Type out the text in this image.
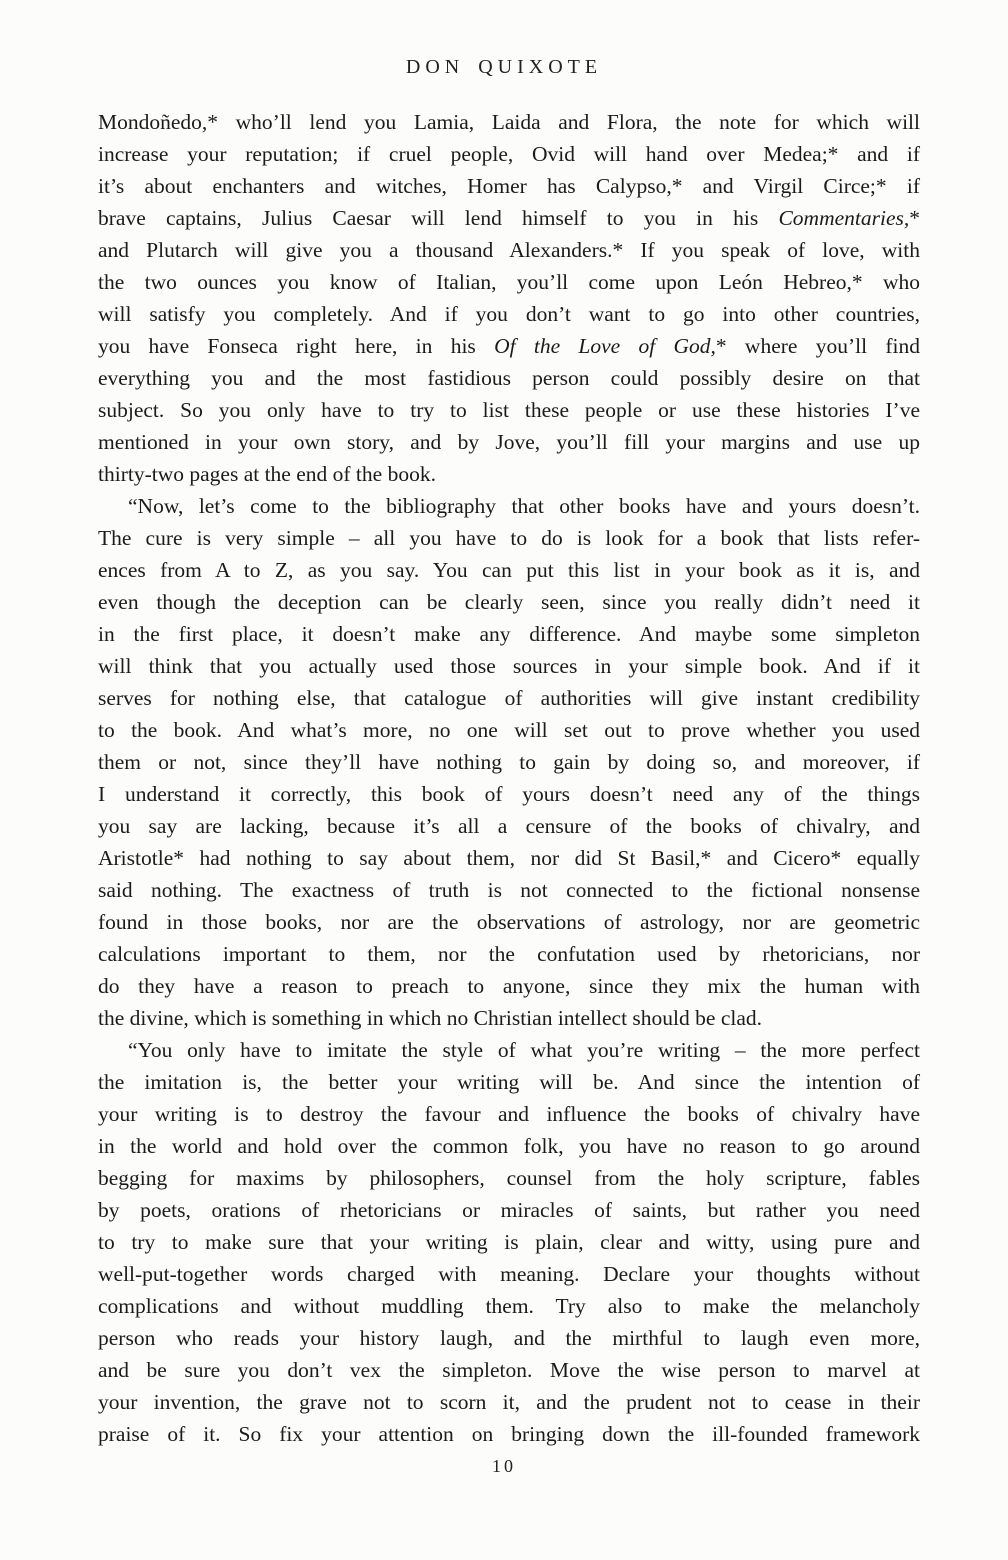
DON QUIXOTE
Mondoñedo,* who’ll lend you Lamia, Laida and Flora, the note for which will
increase your reputation; if cruel people, Ovid will hand over Medea;* and if
it’s about enchanters and witches, Homer has Calypso,* and Virgil Circe;* if
brave captains, Julius Caesar will lend himself to you in his Commentaries,*
and Plutarch will give you a thousand Alexanders.* If you speak of love, with
the two ounces you know of Italian, you’ll come upon León Hebreo,* who
will satisfy you completely. And if you don’t want to go into other countries,
you have Fonseca right here, in his Of the Love of God,* where you’ll find
everything you and the most fastidious person could possibly desire on that
subject. So you only have to try to list these people or use these histories I’ve
mentioned in your own story, and by Jove, you’ll fill your margins and use up
thirty-two pages at the end of the book.
“Now, let’s come to the bibliography that other books have and yours doesn’t.
The cure is very simple – all you have to do is look for a book that lists refer-
ences from A to Z, as you say. You can put this list in your book as it is, and
even though the deception can be clearly seen, since you really didn’t need it
in the first place, it doesn’t make any difference. And maybe some simpleton
will think that you actually used those sources in your simple book. And if it
serves for nothing else, that catalogue of authorities will give instant credibility
to the book. And what’s more, no one will set out to prove whether you used
them or not, since they’ll have nothing to gain by doing so, and moreover, if
I understand it correctly, this book of yours doesn’t need any of the things
you say are lacking, because it’s all a censure of the books of chivalry, and
Aristotle* had nothing to say about them, nor did St Basil,* and Cicero* equally
said nothing. The exactness of truth is not connected to the fictional nonsense
found in those books, nor are the observations of astrology, nor are geometric
calculations important to them, nor the confutation used by rhetoricians, nor
do they have a reason to preach to anyone, since they mix the human with
the divine, which is something in which no Christian intellect should be clad.
“You only have to imitate the style of what you’re writing – the more perfect
the imitation is, the better your writing will be. And since the intention of
your writing is to destroy the favour and influence the books of chivalry have
in the world and hold over the common folk, you have no reason to go around
begging for maxims by philosophers, counsel from the holy scripture, fables
by poets, orations of rhetoricians or miracles of saints, but rather you need
to try to make sure that your writing is plain, clear and witty, using pure and
well-put-together words charged with meaning. Declare your thoughts without
complications and without muddling them. Try also to make the melancholy
person who reads your history laugh, and the mirthful to laugh even more,
and be sure you don’t vex the simpleton. Move the wise person to marvel at
your invention, the grave not to scorn it, and the prudent not to cease in their
praise of it. So fix your attention on bringing down the ill-founded framework
10
